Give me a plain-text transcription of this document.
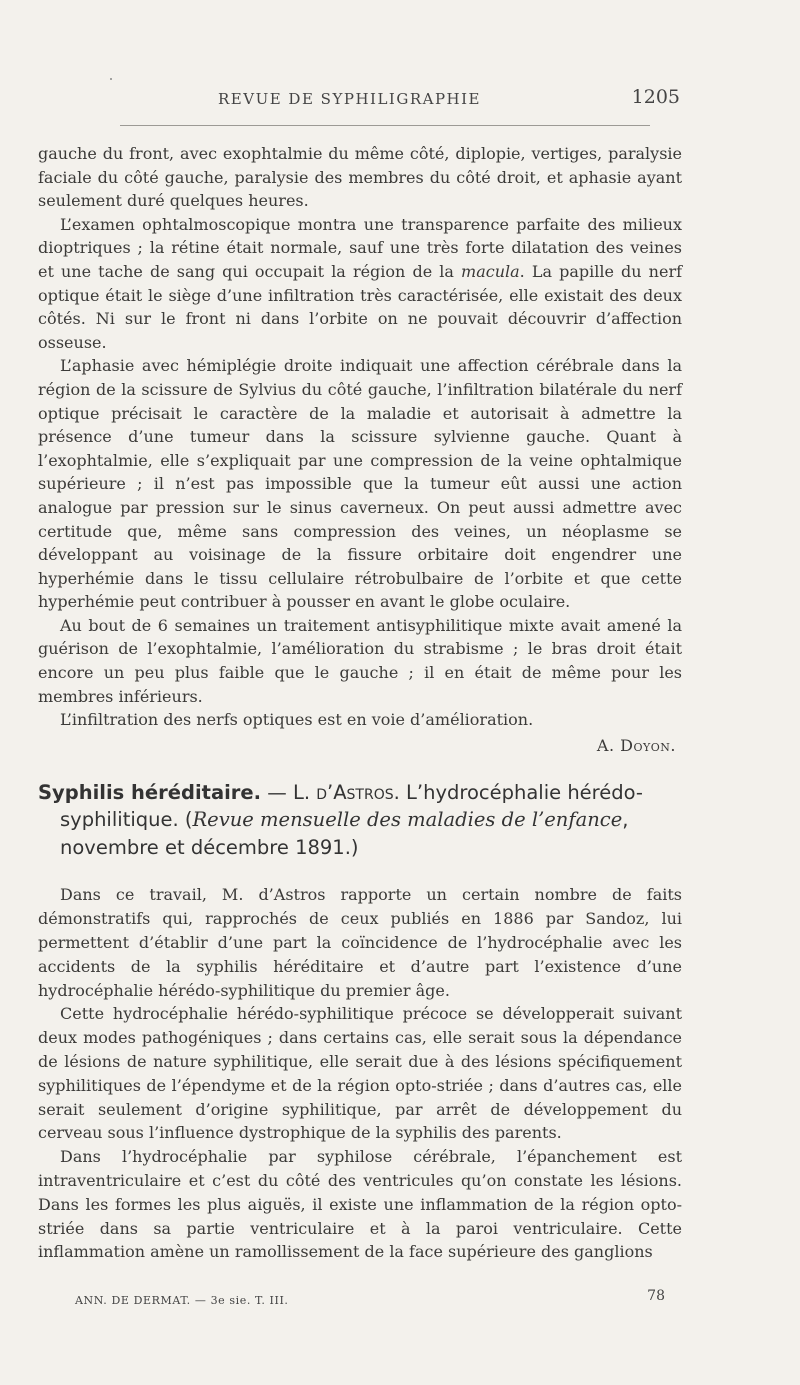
REVUE DE SYPHILIGRAPHIE	1205

gauche du front, avec exophtalmie du même côté, diplopie, vertiges, paralysie faciale du côté gauche, paralysie des membres du côté droit, et aphasie ayant seulement duré quelques heures.

L’examen ophtalmoscopique montra une transparence parfaite des milieux dioptriques ; la rétine était normale, sauf une très forte dilatation des veines et une tache de sang qui occupait la région de la macula. La papille du nerf optique était le siège d’une infiltration très caractérisée, elle existait des deux côtés. Ni sur le front ni dans l’orbite on ne pouvait découvrir d’affection osseuse.

L’aphasie avec hémiplégie droite indiquait une affection cérébrale dans la région de la scissure de Sylvius du côté gauche, l’infiltration bilatérale du nerf optique précisait le caractère de la maladie et autorisait à admettre la présence d’une tumeur dans la scissure sylvienne gauche. Quant à l’exophtalmie, elle s’expliquait par une compression de la veine ophtalmique supérieure ; il n’est pas impossible que la tumeur eût aussi une action analogue par pression sur le sinus caverneux. On peut aussi admettre avec certitude que, même sans compression des veines, un néoplasme se développant au voisinage de la fissure orbitaire doit engendrer une hyperhémie dans le tissu cellulaire rétrobulbaire de l’orbite et que cette hyperhémie peut contribuer à pousser en avant le globe oculaire.

Au bout de 6 semaines un traitement antisyphilitique mixte avait amené la guérison de l’exophtalmie, l’amélioration du strabisme ; le bras droit était encore un peu plus faible que le gauche ; il en était de même pour les membres inférieurs.

L’infiltration des nerfs optiques est en voie d’amélioration.

A. Doyon.
Syphilis héréditaire. — L. d’Astros. L’hydrocéphalie hérédo-syphilitique. (Revue mensuelle des maladies de l’enfance, novembre et décembre 1891.)

Dans ce travail, M. d’Astros rapporte un certain nombre de faits démonstratifs qui, rapprochés de ceux publiés en 1886 par Sandoz, lui permettent d’établir d’une part la coïncidence de l’hydrocéphalie avec les accidents de la syphilis héréditaire et d’autre part l’existence d’une hydrocéphalie hérédo-syphilitique du premier âge.

Cette hydrocéphalie hérédo-syphilitique précoce se développerait suivant deux modes pathogéniques ; dans certains cas, elle serait sous la dépendance de lésions de nature syphilitique, elle serait due à des lésions spécifiquement syphilitiques de l’épendyme et de la région opto-striée ; dans d’autres cas, elle serait seulement d’origine syphilitique, par arrêt de développement du cerveau sous l’influence dystrophique de la syphilis des parents.

Dans l’hydrocéphalie par syphilose cérébrale, l’épanchement est intraventriculaire et c’est du côté des ventricules qu’on constate les lésions. Dans les formes les plus aiguës, il existe une inflammation de la région opto-striée dans sa partie ventriculaire et à la paroi ventriculaire. Cette inflammation amène un ramollissement de la face supérieure des ganglions

ANN. DE DERMAT. — 3e sie. T. III.	78
